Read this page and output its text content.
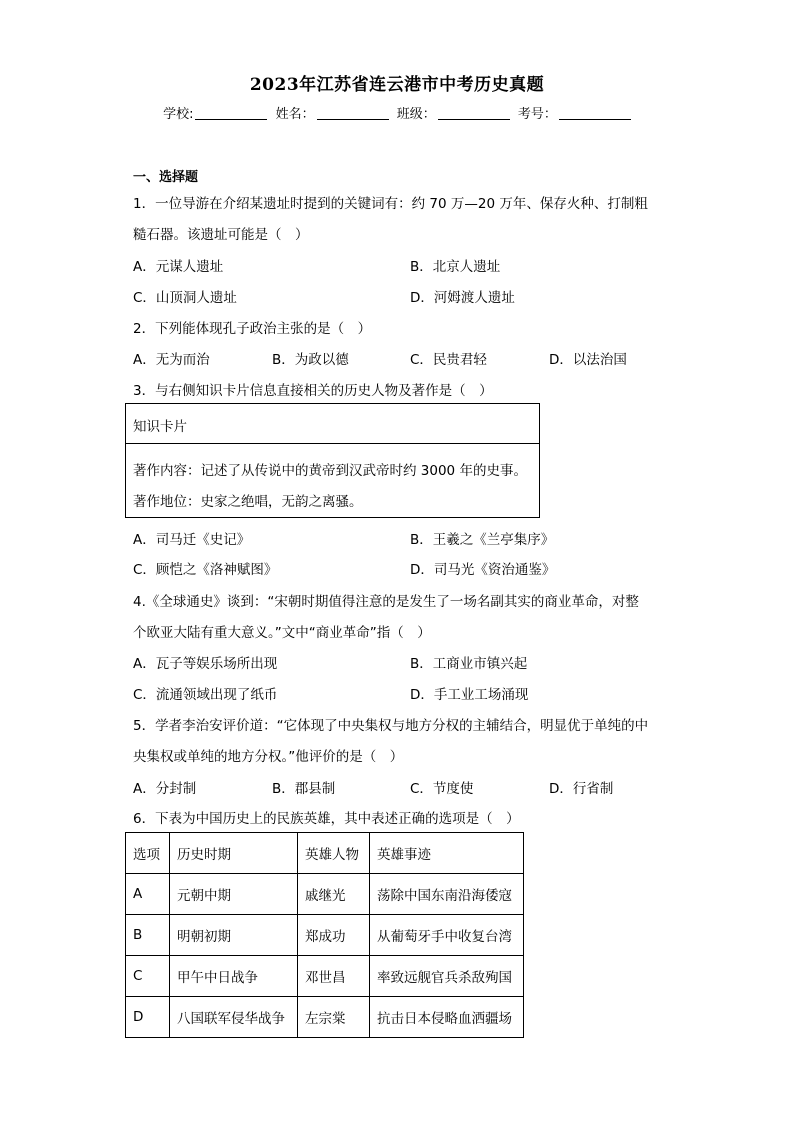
2023年江苏省连云港市中考历史真题
学校:	姓名：	班级：	考号：
一、选择题
1．一位导游在介绍某遗址时提到的关键词有：约 70 万—20 万年、保存火种、打制粗
糙石器。该遗址可能是（　）
A．元谋人遗址	B．北京人遗址
C．山顶洞人遗址	D．河姆渡人遗址
2．下列能体现孔子政治主张的是（　）
A．无为而治	B．为政以德	C．民贵君轻	D．以法治国
3．与右侧知识卡片信息直接相关的历史人物及著作是（　）
知识卡片
著作内容：记述了从传说中的黄帝到汉武帝时约 3000 年的史事。
著作地位：史家之绝唱，无韵之离骚。
A．司马迁《史记》	B．王羲之《兰亭集序》
C．顾恺之《洛神赋图》	D．司马光《资治通鉴》
4.《全球通史》谈到：“宋朝时期值得注意的是发生了一场名副其实的商业革命，对整
个欧亚大陆有重大意义。”文中“商业革命”指（　）
A．瓦子等娱乐场所出现	B．工商业市镇兴起
C．流通领域出现了纸币	D．手工业工场涌现
5．学者李治安评价道：“它体现了中央集权与地方分权的主辅结合，明显优于单纯的中
央集权或单纯的地方分权。”他评价的是（　）
A．分封制	B．郡县制	C．节度使	D．行省制
6．下表为中国历史上的民族英雄，其中表述正确的选项是（　）
选项	历史时期	英雄人物	英雄事迹
A	元朝中期	戚继光	荡除中国东南沿海倭寇
B	明朝初期	郑成功	从葡萄牙手中收复台湾
C	甲午中日战争	邓世昌	率致远舰官兵杀敌殉国
D	八国联军侵华战争	左宗棠	抗击日本侵略血洒疆场
